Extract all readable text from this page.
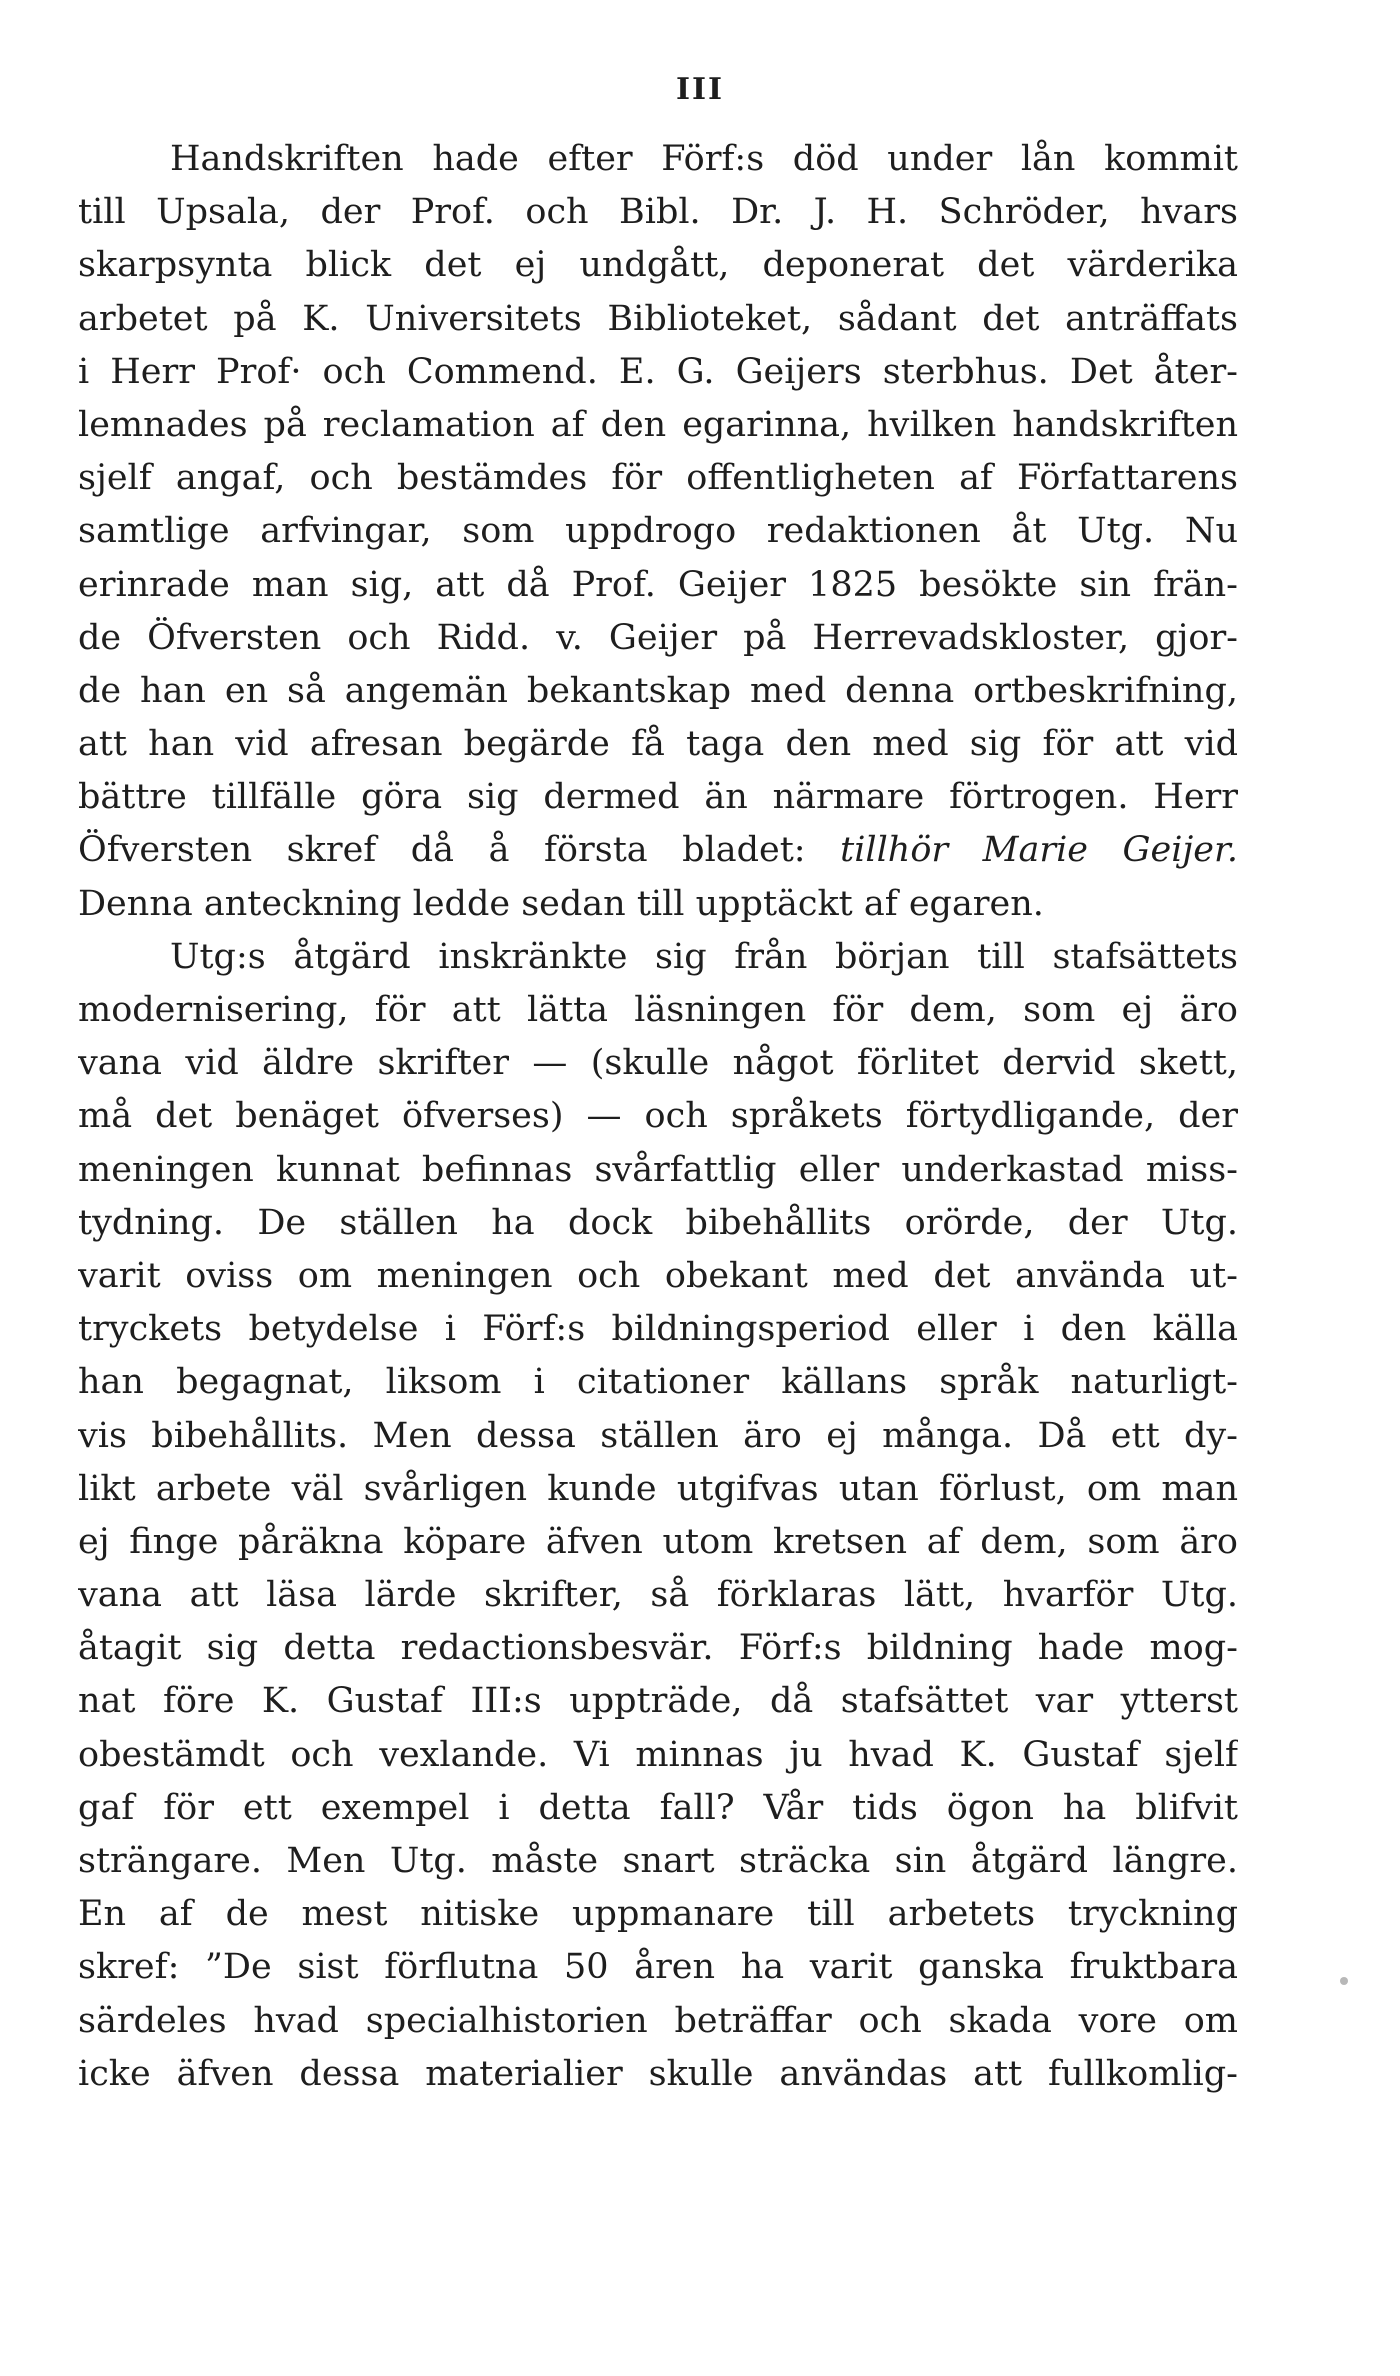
III
Handskriften hade efter Förf:s död under lån kommit
till Upsala, der Prof. och Bibl. Dr. J. H. Schröder, hvars
skarpsynta blick det ej undgått, deponerat det värderika
arbetet på K. Universitets Biblioteket, sådant det anträffats
i Herr Prof· och Commend. E. G. Geijers sterbhus. Det åter-
lemnades på reclamation af den egarinna, hvilken handskriften
sjelf angaf, och bestämdes för offentligheten af Författarens
samtlige arfvingar, som uppdrogo redaktionen åt Utg. Nu
erinrade man sig, att då Prof. Geijer 1825 besökte sin frän-
de Öfversten och Ridd. v. Geijer på Herrevadskloster, gjor-
de han en så angemän bekantskap med denna ortbeskrifning,
att han vid afresan begärde få taga den med sig för att vid
bättre tillfälle göra sig dermed än närmare förtrogen. Herr
Öfversten skref då å första bladet: tillhör Marie Geijer.
Denna anteckning ledde sedan till upptäckt af egaren.
Utg:s åtgärd inskränkte sig från början till stafsättets
modernisering, för att lätta läsningen för dem, som ej äro
vana vid äldre skrifter — (skulle något förlitet dervid skett,
må det benäget öfverses) — och språkets förtydligande, der
meningen kunnat befinnas svårfattlig eller underkastad miss-
tydning. De ställen ha dock bibehållits orörde, der Utg.
varit oviss om meningen och obekant med det använda ut-
tryckets betydelse i Förf:s bildningsperiod eller i den källa
han begagnat, liksom i citationer källans språk naturligt-
vis bibehållits. Men dessa ställen äro ej många. Då ett dy-
likt arbete väl svårligen kunde utgifvas utan förlust, om man
ej finge påräkna köpare äfven utom kretsen af dem, som äro
vana att läsa lärde skrifter, så förklaras lätt, hvarför Utg.
åtagit sig detta redactionsbesvär. Förf:s bildning hade mog-
nat före K. Gustaf III:s uppträde, då stafsättet var ytterst
obestämdt och vexlande. Vi minnas ju hvad K. Gustaf sjelf
gaf för ett exempel i detta fall? Vår tids ögon ha blifvit
strängare. Men Utg. måste snart sträcka sin åtgärd längre.
En af de mest nitiske uppmanare till arbetets tryckning
skref: ”De sist förflutna 50 åren ha varit ganska fruktbara
särdeles hvad specialhistorien beträffar och skada vore om
icke äfven dessa materialier skulle användas att fullkomlig-
